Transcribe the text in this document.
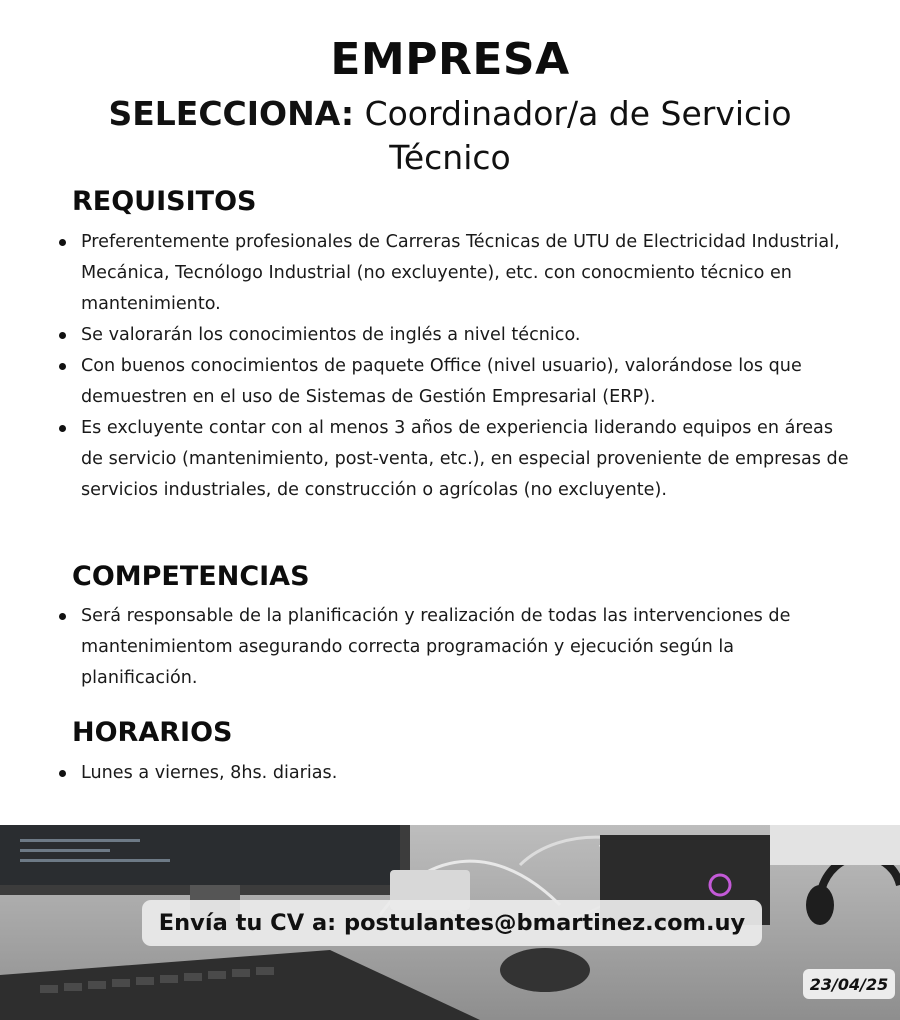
EMPRESA
SELECCIONA: Coordinador/a de Servicio Técnico
REQUISITOS
Preferentemente profesionales de Carreras Técnicas de UTU de Electricidad Industrial, Mecánica, Tecnólogo Industrial (no excluyente), etc. con conocmiento técnico en mantenimiento.
Se valorarán los conocimientos de inglés a nivel técnico.
Con buenos conocimientos de paquete Office (nivel usuario), valorándose los que demuestren en el uso de Sistemas de Gestión Empresarial (ERP).
Es excluyente contar con al menos 3 años de experiencia liderando equipos en áreas de servicio (mantenimiento, post-venta, etc.), en especial proveniente de empresas de servicios industriales, de construcción o agrícolas (no excluyente).
COMPETENCIAS
Será responsable de la planificación y realización de todas las intervenciones de mantenimientom asegurando correcta programación y ejecución según la planificación.
HORARIOS
Lunes a viernes, 8hs. diarias.
Envía tu CV a: postulantes@bmartinez.com.uy
23/04/25
